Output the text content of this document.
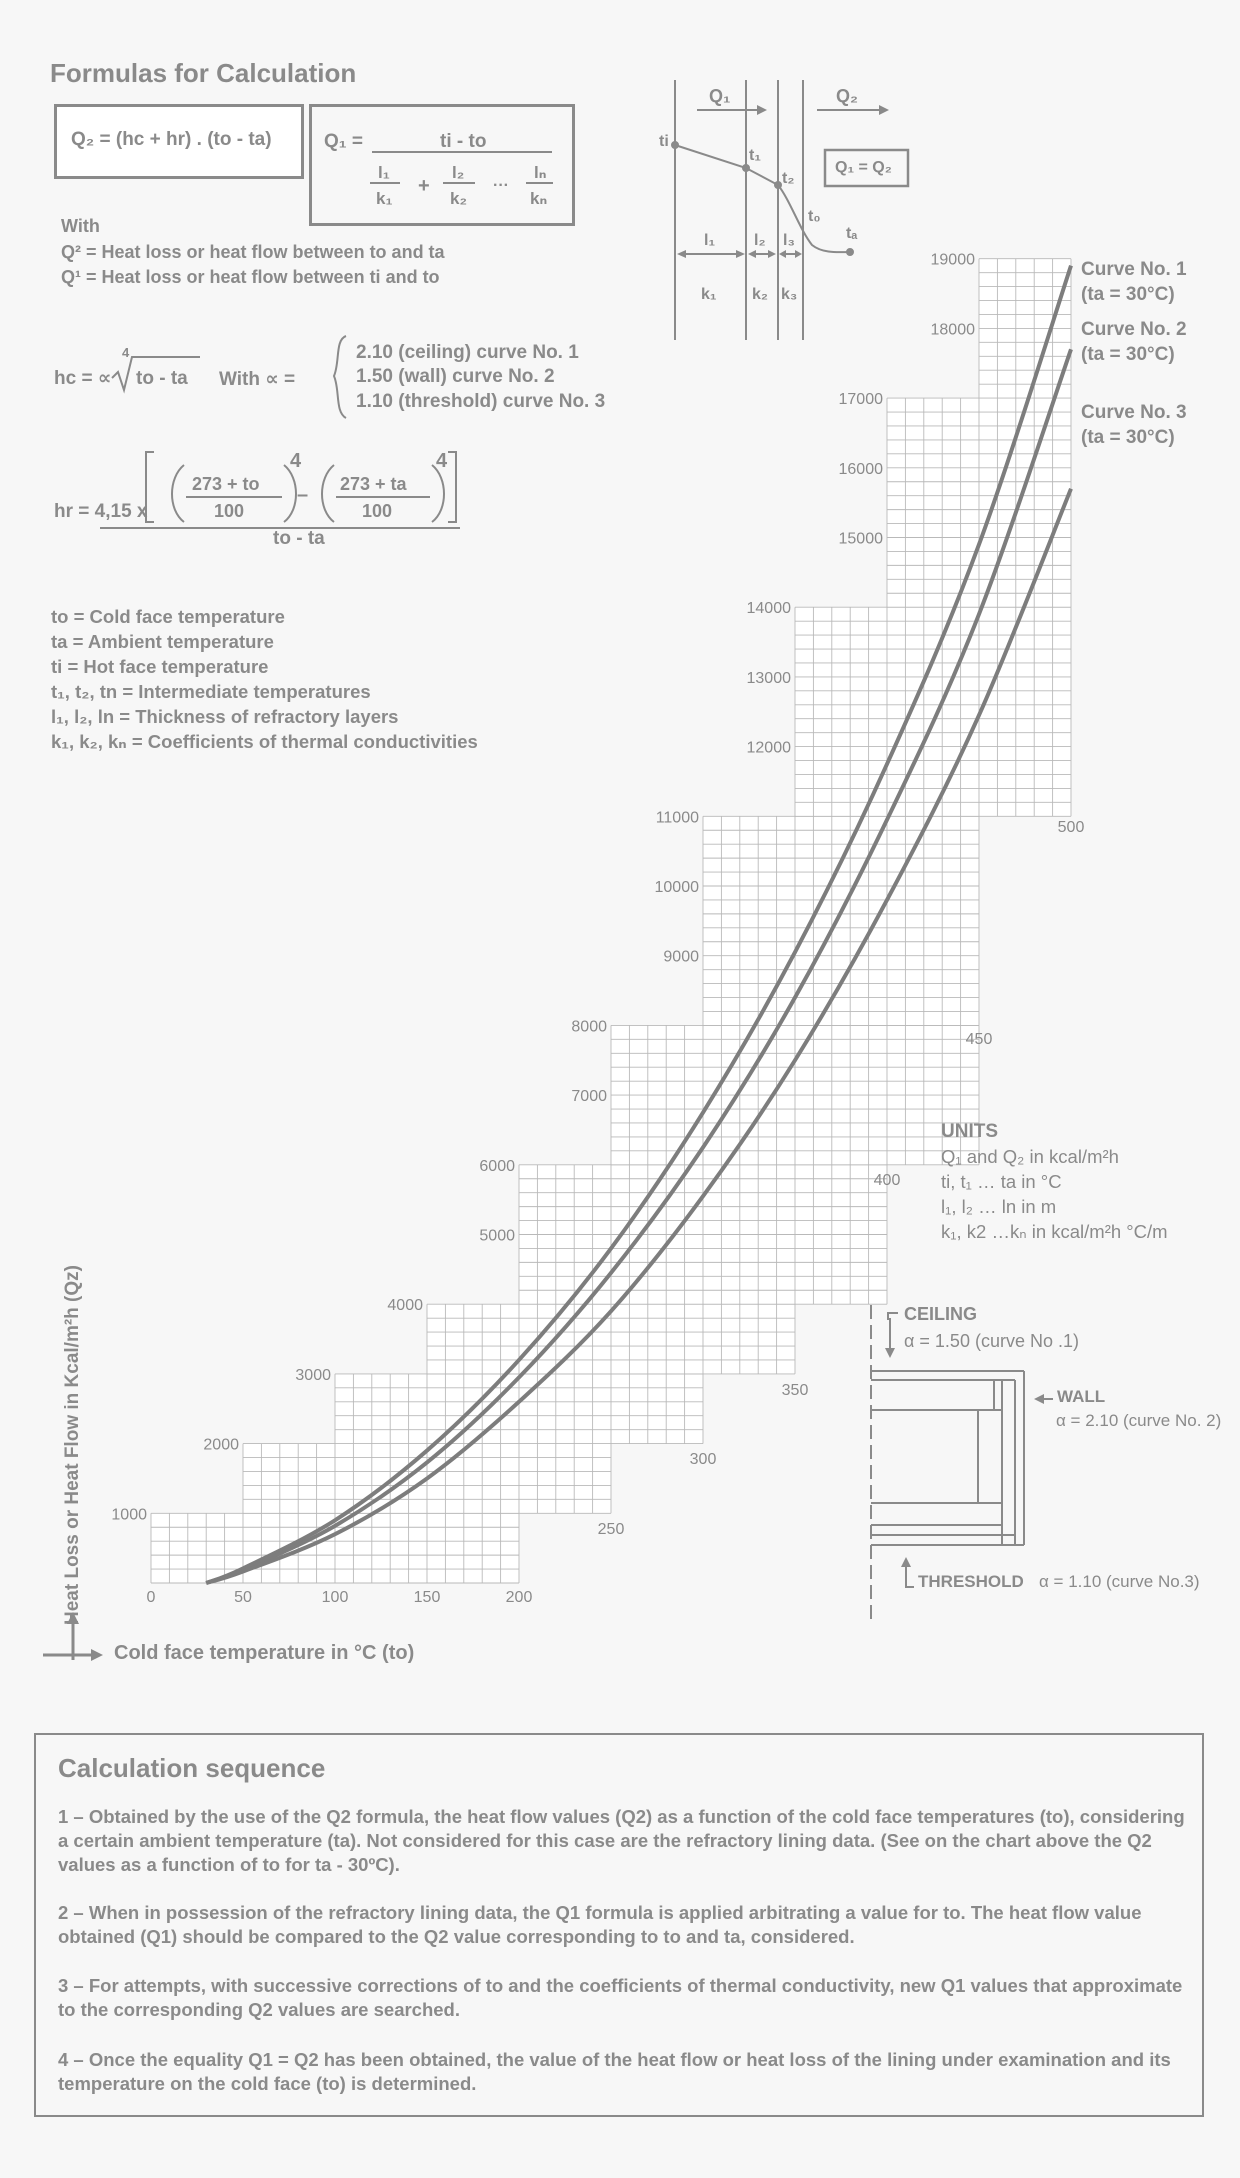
0	50	100	150	200
250
300
350
400
450
500
1000
2000
3000
4000
5000
6000
7000
8000
9000
10000
11000
12000
13000
14000
15000
16000
17000
18000
19000	Curve No. 1
(ta = 30°C)
Curve No. 2
(ta = 30°C)
Curve No. 3
(ta = 30°C)
Formulas for Calculation
Q₂ = (hc + hr) . (to - ta)	Q₁ =	ti - to
l₁
k₁
+
l₂
k₂
···
lₙ
kₙ
With
Q² = Heat loss or heat flow between to and ta
Q¹ = Heat loss or heat flow between ti and to
hc = ∝
4
to - ta With ∝ =
2.10 (ceiling) curve No. 1
1.50 (wall) curve No. 2
1.10 (threshold) curve No. 3
hr = 4,15 x
273 + to
100
4
– 273 + ta
100
4
to - ta
to = Cold face temperature
ta = Ambient temperature
ti = Hot face temperature
t₁, t₂, tn = Intermediate temperatures
l₁, l₂, ln = Thickness of refractory layers
k₁, k₂, kₙ = Coefficients of thermal conductivities
Q₁	Q₂
ti
t₁
t₂
t₀
tₐ
l₁ l₂ l₃
k₁ k₂ k₃
Q₁ = Q₂
UNITS
Q₁ and Q₂ in kcal/m²h
ti, t₁ … ta in °C
l₁, l₂ … ln in m
k₁, k2 …kₙ in kcal/m²h °C/m
CEILING
α = 1.50 (curve No .1)
WALL
α = 2.10 (curve No. 2)
THRESHOLD α = 1.10 (curve No.3)
Heat Loss or Heat Flow in Kcal/m²h (Qz)
Cold face temperature in °C (to)
Calculation sequence

1 – Obtained by the use of the Q2 formula, the heat flow values (Q2) as a function of the cold face temperatures (to), considering a certain ambient temperature (ta). Not considered for this case are the refractory lining data. (See on the chart above the Q2 values as a function of to for ta - 30ºC).

2 – When in possession of the refractory lining data, the Q1 formula is applied arbitrating a value for to. The heat flow value obtained (Q1) should be compared to the Q2 value corresponding to to and ta, considered.

3 – For attempts, with successive corrections of to and the coefficients of thermal conductivity, new Q1 values that approximate to the corresponding Q2 values are searched.

4 – Once the equality Q1 = Q2 has been obtained, the value of the heat flow or heat loss of the lining under examination and its temperature on the cold face (to) is determined.
